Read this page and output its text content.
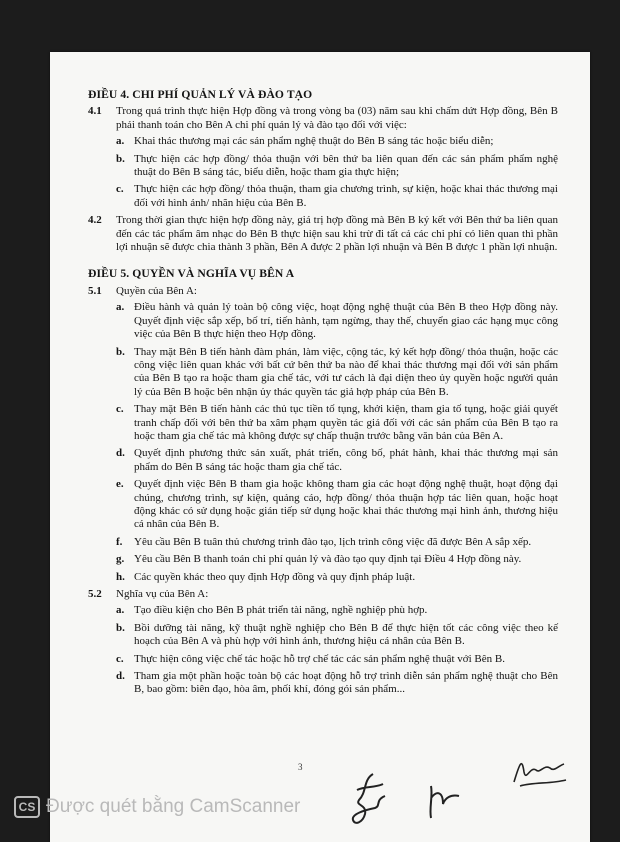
ĐIỀU 4. CHI PHÍ QUẢN LÝ VÀ ĐÀO TẠO
4.1	Trong quá trình thực hiện Hợp đồng và trong vòng ba (03) năm sau khi chấm dứt Hợp đồng, Bên B phải thanh toán cho Bên A chi phí quản lý và đào tạo đối với việc:
a. Khai thác thương mại các sản phẩm nghệ thuật do Bên B sáng tác hoặc biểu diễn;
b. Thực hiện các hợp đồng/ thỏa thuận với bên thứ ba liên quan đến các sản phẩm phẩm nghệ thuật do Bên B sáng tác, biểu diễn, hoặc tham gia thực hiện;
c. Thực hiện các hợp đồng/ thỏa thuận, tham gia chương trình, sự kiện, hoặc khai thác thương mại đối với hình ảnh/ nhãn hiệu của Bên B.
4.2	Trong thời gian thực hiện hợp đồng này, giá trị hợp đồng mà Bên B ký kết với Bên thứ ba liên quan đến các tác phẩm âm nhạc do Bên B thực hiện sau khi trừ đi tất cả các chi phí có liên quan thì phần lợi nhuận sẽ được chia thành 3 phần, Bên A được 2 phần lợi nhuận và Bên B được 1 phần lợi nhuận.
ĐIỀU 5. QUYỀN VÀ NGHĨA VỤ BÊN A
5.1	Quyền của Bên A:
a. Điều hành và quản lý toàn bộ công việc, hoạt động nghệ thuật của Bên B theo Hợp đồng này. Quyết định việc sắp xếp, bố trí, tiến hành, tạm ngừng, thay thế, chuyển giao các hạng mục công việc của Bên B thực hiện theo Hợp đồng.
b. Thay mặt Bên B tiến hành đàm phán, làm việc, cộng tác, ký kết hợp đồng/ thỏa thuận, hoặc các công việc liên quan khác với bất cứ bên thứ ba nào để khai thác thương mại đối với sản phẩm của Bên B tạo ra hoặc tham gia chế tác, với tư cách là đại diện theo ủy quyền hoặc người quản lý của Bên B hoặc bên nhận ủy thác quyền tác giả hợp pháp của Bên B.
c. Thay mặt Bên B tiến hành các thủ tục tiền tố tụng, khởi kiện, tham gia tố tụng, hoặc giải quyết tranh chấp đối với bên thứ ba xâm phạm quyền tác giả đối với các sản phẩm của Bên B tạo ra hoặc tham gia chế tác mà không được sự chấp thuận trước bằng văn bản của Bên A.
d. Quyết định phương thức sản xuất, phát triển, công bố, phát hành, khai thác thương mại sản phẩm do Bên B sáng tác hoặc tham gia chế tác.
e. Quyết định việc Bên B tham gia hoặc không tham gia các hoạt động nghệ thuật, hoạt động đại chúng, chương trình, sự kiện, quảng cáo, hợp đồng/ thỏa thuận hợp tác liên quan, hoặc hoạt động khác có sử dụng hoặc gián tiếp sử dụng hoặc khai thác thương mại hình ảnh, thương hiệu cá nhân của Bên B.
f.	Yêu cầu Bên B tuân thủ chương trình đào tạo, lịch trình công việc đã được Bên A sắp xếp.
g. Yêu cầu Bên B thanh toán chi phí quản lý và đào tạo quy định tại Điều 4 Hợp đồng này.
h. Các quyền khác theo quy định Hợp đồng và quy định pháp luật.
5.2	Nghĩa vụ của Bên A:
a. Tạo điều kiện cho Bên B phát triển tài năng, nghề nghiệp phù hợp.
b. Bồi dưỡng tài năng, kỹ thuật nghề nghiệp cho Bên B để thực hiện tốt các công việc theo kế hoạch của Bên A và phù hợp với hình ảnh, thương hiệu cá nhân của Bên B.
c. Thực hiện công việc chế tác hoặc hỗ trợ chế tác các sản phẩm nghệ thuật với Bên B.
d. Tham gia một phần hoặc toàn bộ các hoạt động hỗ trợ trình diễn sản phẩm nghệ thuật cho Bên B, bao gồm: biên đạo, hòa âm, phối khí, đóng gói sản phẩm...
3
CS Được quét bằng CamScanner
